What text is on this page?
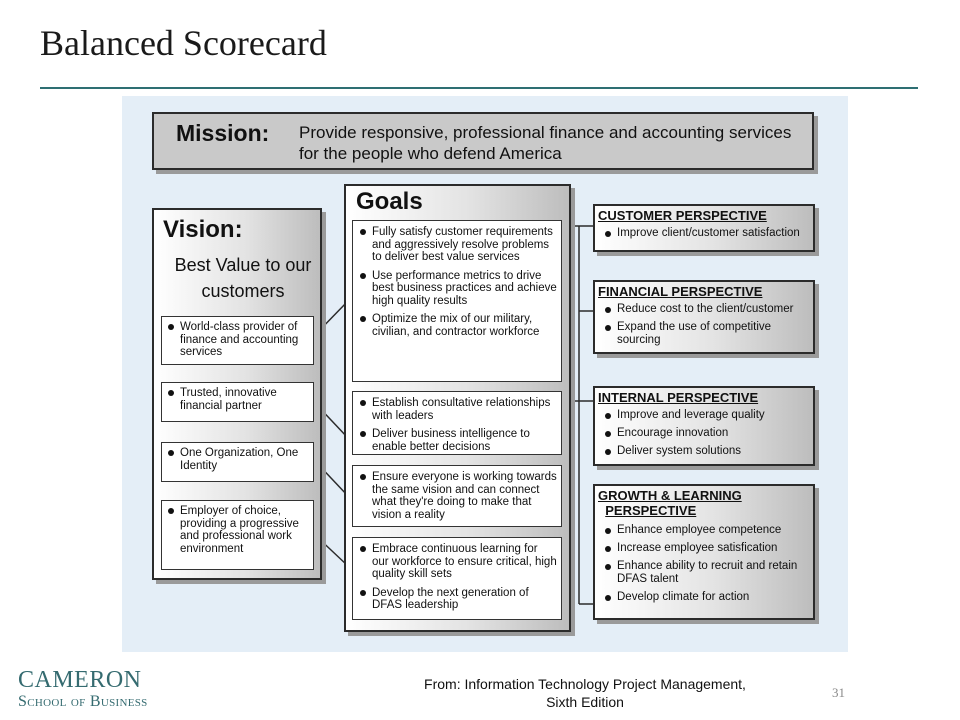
Balanced Scorecard
Mission: Provide responsive, professional finance and accounting services for the people who defend America
Vision:
Best Value to our customers
World-class provider of finance and accounting services
Trusted, innovative financial partner
One Organization, One Identity
Employer of choice, providing a progressive and professional work environment
Goals
Fully satisfy customer requirements and aggressively resolve problems to deliver best value services
Use performance metrics to drive best business practices and achieve high quality results
Optimize the mix of our military, civilian, and contractor workforce
Establish consultative relationships with leaders
Deliver business intelligence to enable better decisions
Ensure everyone is working towards the same vision and can connect what they're doing to make that vision a reality
Embrace continuous learning for our workforce to ensure critical, high quality skill sets
Develop the next generation of DFAS leadership
CUSTOMER PERSPECTIVE
Improve client/customer satisfaction
FINANCIAL PERSPECTIVE
Reduce cost to the client/customer
Expand the use of competitive sourcing
INTERNAL PERSPECTIVE
Improve and leverage quality
Encourage innovation
Deliver system solutions
GROWTH & LEARNING
PERSPECTIVE
Enhance employee competence
Increase employee satisfication
Enhance ability to recruit and retain DFAS talent
Develop climate for action
CAMERON
School of Business
From: Information Technology Project Management,
Sixth Edition
31
